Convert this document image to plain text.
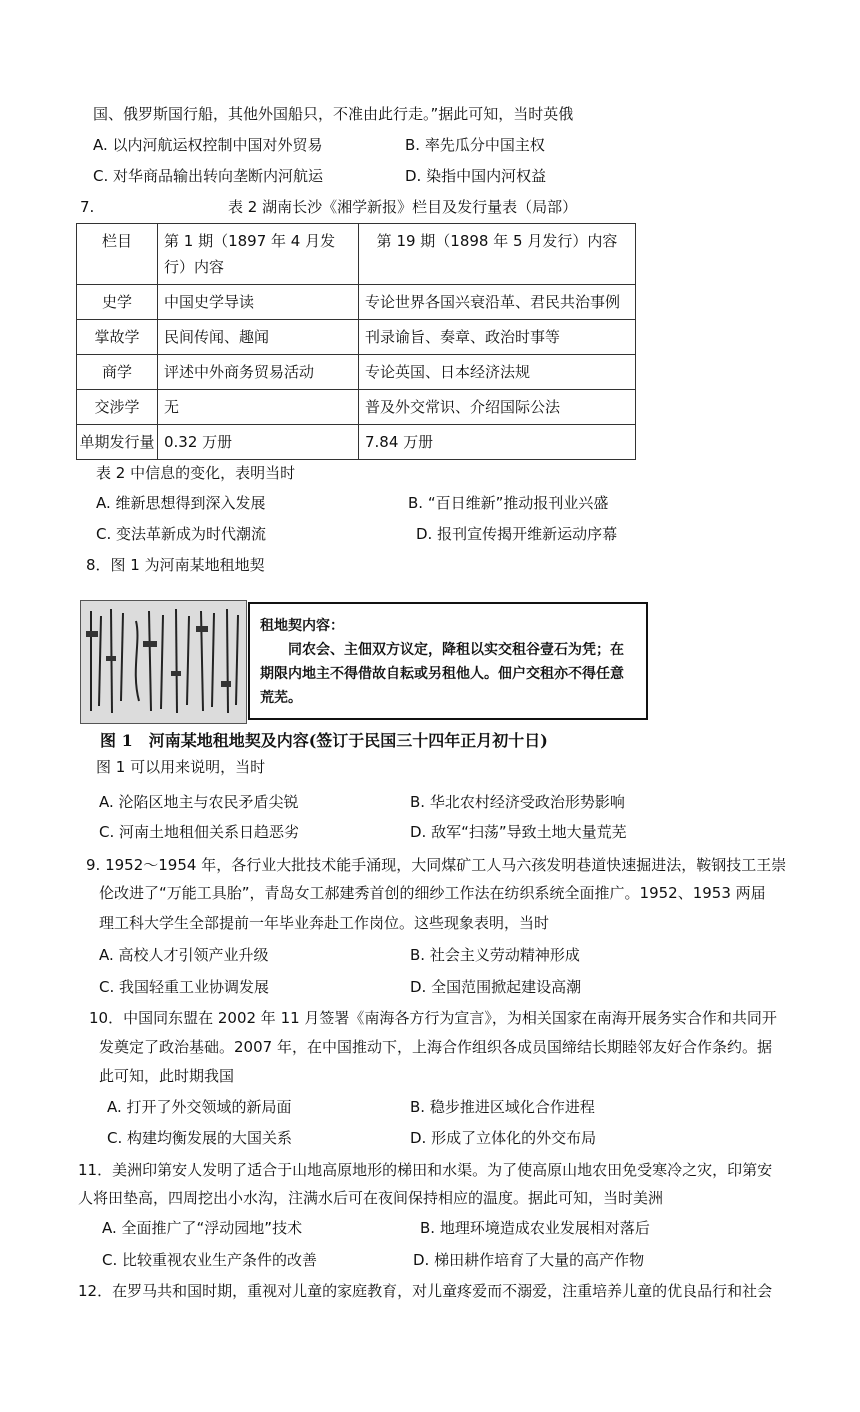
国、俄罗斯国行船，其他外国船只，不准由此行走。”据此可知，当时英俄
A. 以内河航运权控制中国对外贸易	B. 率先瓜分中国主权
C. 对华商品输出转向垄断内河航运	D. 染指中国内河权益
7.	表 2 湖南长沙《湘学新报》栏目及发行量表（局部）
栏目	第 1 期（1897 年 4 月发行）内容	第 19 期（1898 年 5 月发行）内容
史学	中国史学导读	专论世界各国兴衰沿革、君民共治事例
掌故学	民间传闻、趣闻	刊录谕旨、奏章、政治时事等
商学	评述中外商务贸易活动	专论英国、日本经济法规
交涉学	无	普及外交常识、介绍国际公法
单期发行量	0.32 万册	7.84 万册
表 2 中信息的变化，表明当时
A. 维新思想得到深入发展	B. “百日维新”推动报刊业兴盛
C. 变法革新成为时代潮流	D. 报刊宣传揭开维新运动序幕
8．图 1 为河南某地租地契
租地契内容：
同农会、主佃双方议定，降租以实交租谷壹石为凭；在期限内地主不得借故自耘或另租他人。佃户交租亦不得任意荒芜。
图 1　河南某地租地契及内容(签订于民国三十四年正月初十日)
图 1 可以用来说明，当时
A. 沦陷区地主与农民矛盾尖锐	B. 华北农村经济受政治形势影响
C. 河南土地租佃关系日趋恶劣	D. 敌军“扫荡”导致土地大量荒芜
9. 1952～1954 年，各行业大批技术能手涌现，大同煤矿工人马六孩发明巷道快速掘进法，鞍钢技工王崇
伦改进了“万能工具胎”，青岛女工郝建秀首创的细纱工作法在纺织系统全面推广。1952、1953 两届
理工科大学生全部提前一年毕业奔赴工作岗位。这些现象表明，当时
A. 高校人才引领产业升级	B. 社会主义劳动精神形成
C. 我国轻重工业协调发展	D. 全国范围掀起建设高潮
10．中国同东盟在 2002 年 11 月签署《南海各方行为宣言》，为相关国家在南海开展务实合作和共同开
发奠定了政治基础。2007 年，在中国推动下，上海合作组织各成员国缔结长期睦邻友好合作条约。据
此可知，此时期我国
A. 打开了外交领域的新局面	B. 稳步推进区域化合作进程
C. 构建均衡发展的大国关系	D. 形成了立体化的外交布局
11．美洲印第安人发明了适合于山地高原地形的梯田和水渠。为了使高原山地农田免受寒冷之灾，印第安
人将田垫高，四周挖出小水沟，注满水后可在夜间保持相应的温度。据此可知，当时美洲
A. 全面推广了“浮动园地”技术	B. 地理环境造成农业发展相对落后
C. 比较重视农业生产条件的改善	D. 梯田耕作培育了大量的高产作物
12．在罗马共和国时期，重视对儿童的家庭教育，对儿童疼爱而不溺爱，注重培养儿童的优良品行和社会
